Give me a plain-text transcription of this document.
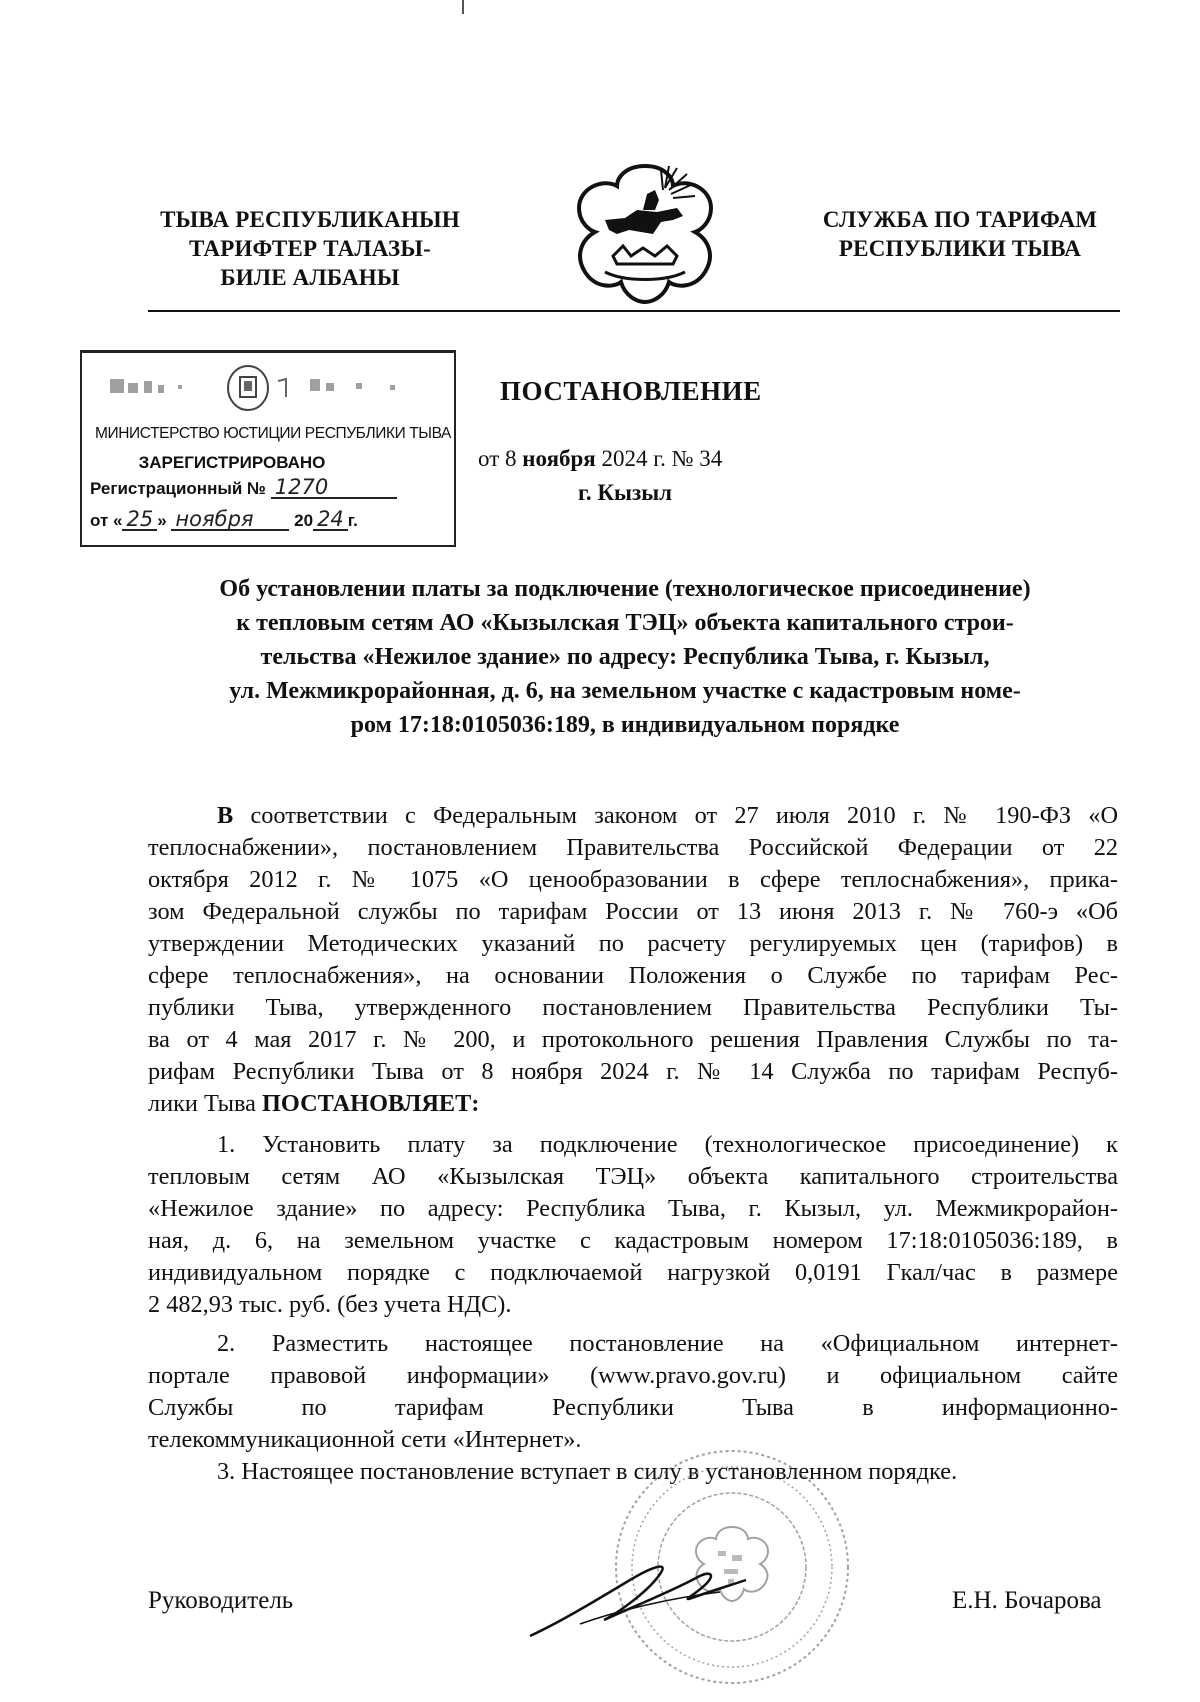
ТЫВА РЕСПУБЛИКАНЫН
ТАРИФТЕР ТАЛАЗЫ-
БИЛЕ АЛБАНЫ
СЛУЖБА ПО ТАРИФАМ
РЕСПУБЛИКИ ТЫВА
МИНИСТЕРСТВО ЮСТИЦИИ РЕСПУБЛИКИ ТЫВА
ЗАРЕГИСТРИРОВАНО
Регистрационный № 1270
от « 25 » ноября 20 24 г.
ПОСТАНОВЛЕНИЕ
от 8 ноября 2024 г. № 34
г. Кызыл
Об установлении платы за подключение (технологическое присоединение)
к тепловым сетям АО «Кызылская ТЭЦ» объекта капитального строи-
тельства «Нежилое здание» по адресу: Республика Тыва, г. Кызыл,
ул. Межмикрорайонная, д. 6, на земельном участке с кадастровым номе-
ром 17:18:0105036:189, в индивидуальном порядке
В соответствии с Федеральным законом от 27 июля 2010 г. № 190-ФЗ «О
теплоснабжении», постановлением Правительства Российской Федерации от 22
октября 2012 г. № 1075 «О ценообразовании в сфере теплоснабжения», прика-
зом Федеральной службы по тарифам России от 13 июня 2013 г. № 760-э «Об
утверждении Методических указаний по расчету регулируемых цен (тарифов) в
сфере теплоснабжения», на основании Положения о Службе по тарифам Рес-
публики Тыва, утвержденного постановлением Правительства Республики Ты-
ва от 4 мая 2017 г. № 200, и протокольного решения Правления Службы по та-
рифам Республики Тыва от 8 ноября 2024 г. № 14 Служба по тарифам Респуб-
лики Тыва ПОСТАНОВЛЯЕТ:
1. Установить плату за подключение (технологическое присоединение) к
тепловым сетям АО «Кызылская ТЭЦ» объекта капитального строительства
«Нежилое здание» по адресу: Республика Тыва, г. Кызыл, ул. Межмикрорайон-
ная, д. 6, на земельном участке с кадастровым номером 17:18:0105036:189, в
индивидуальном порядке с подключаемой нагрузкой 0,0191 Гкал/час в размере
2 482,93 тыс. руб. (без учета НДС).
2. Разместить настоящее постановление на «Официальном интернет-
портале правовой информации» (www.pravo.gov.ru) и официальном сайте
Службы по тарифам Республики Тыва в информационно-
телекоммуникационной сети «Интернет».
3. Настоящее постановление вступает в силу в установленном порядке.
Руководитель	Е.Н. Бочарова
